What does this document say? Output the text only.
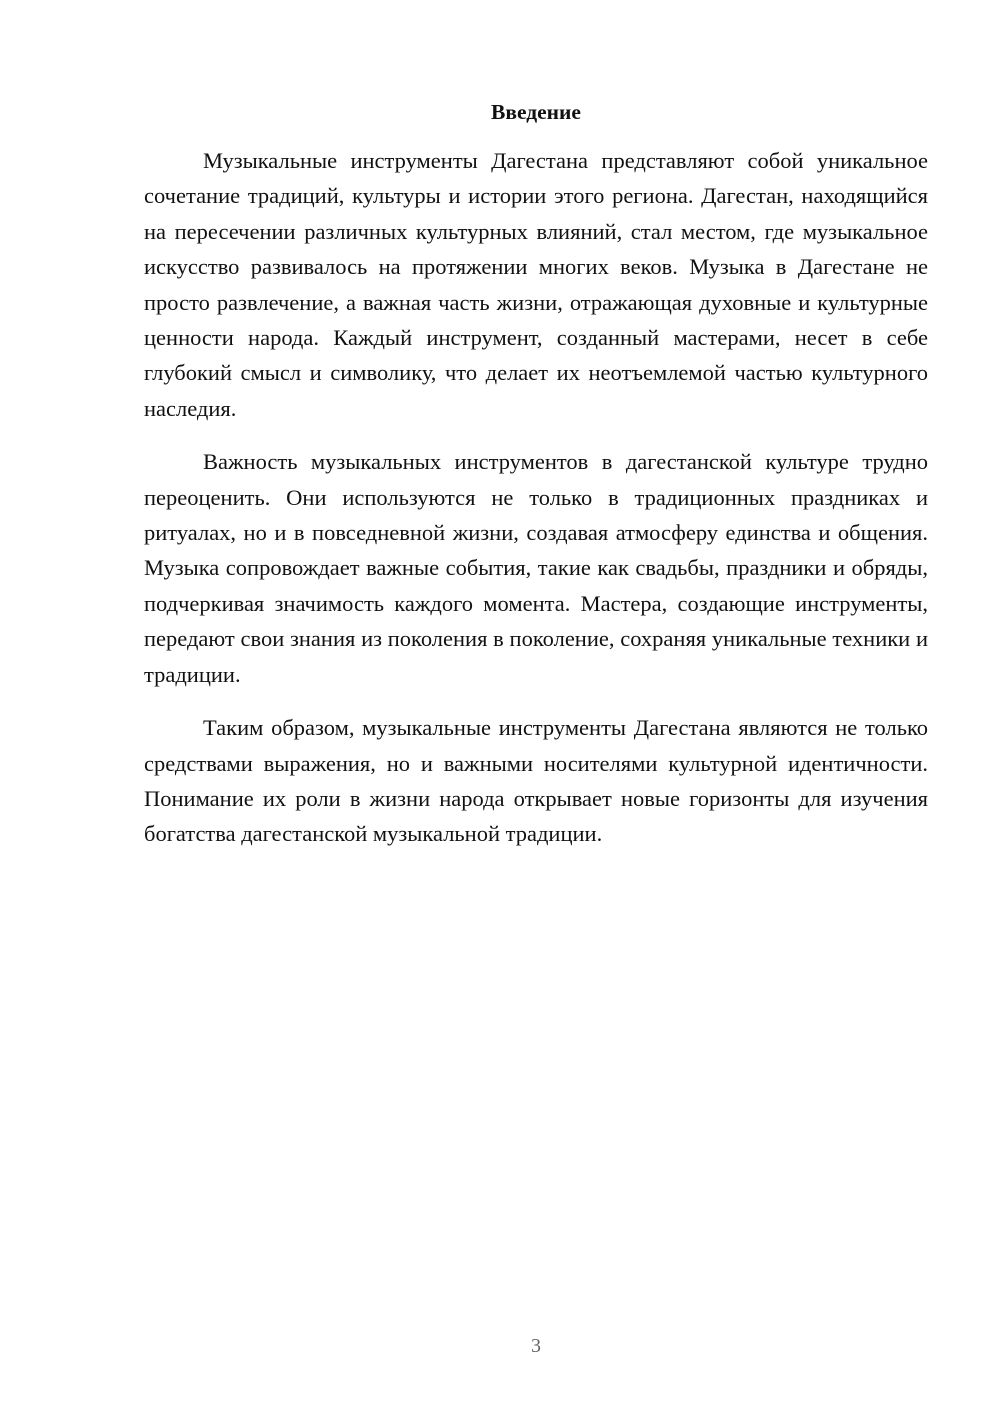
Введение

Музыкальные инструменты Дагестана представляют собой уникальное сочетание традиций, культуры и истории этого региона. Дагестан, находящийся на пересечении различных культурных влияний, стал местом, где музыкальное искусство развивалось на протяжении многих веков. Музыка в Дагестане не просто развлечение, а важная часть жизни, отражающая духовные и культурные ценности народа. Каждый инструмент, созданный мастерами, несет в себе глубокий смысл и символику, что делает их неотъемлемой частью культурного наследия.

Важность музыкальных инструментов в дагестанской культуре трудно переоценить. Они используются не только в традиционных праздниках и ритуалах, но и в повседневной жизни, создавая атмосферу единства и общения. Музыка сопровождает важные события, такие как свадьбы, праздники и обряды, подчеркивая значимость каждого момента. Мастера, создающие инструменты, передают свои знания из поколения в поколение, сохраняя уникальные техники и традиции.

Таким образом, музыкальные инструменты Дагестана являются не только средствами выражения, но и важными носителями культурной идентичности. Понимание их роли в жизни народа открывает новые горизонты для изучения богатства дагестанской музыкальной традиции.

3
